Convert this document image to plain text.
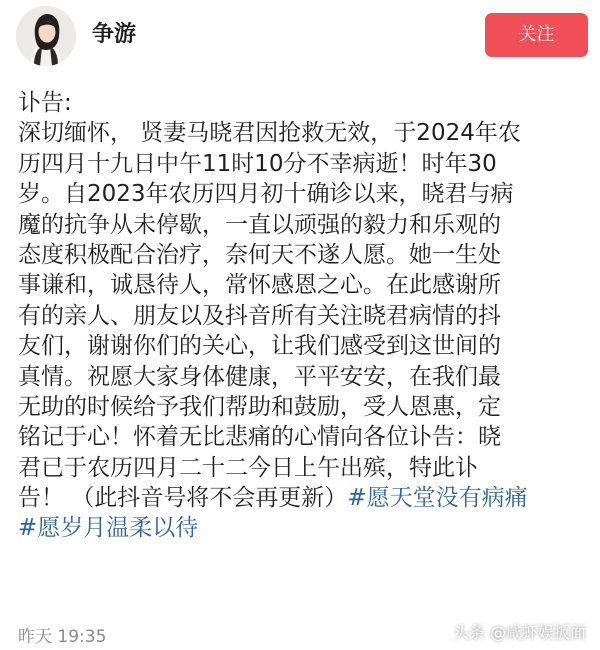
争游	关注
讣告:
深切缅怀， 贤妻马晓君因抢救无效，于2024年农
历四月十九日中午11时10分不幸病逝！时年30
岁。自2023年农历四月初十确诊以来，晓君与病
魔的抗争从未停歇，一直以顽强的毅力和乐观的
态度积极配合治疗，奈何天不遂人愿。她一生处
事谦和，诚恳待人，常怀感恩之心。在此感谢所
有的亲人、朋友以及抖音所有关注晓君病情的抖
友们，谢谢你们的关心，让我们感受到这世间的
真情。祝愿大家身体健康，平平安安，在我们最
无助的时候给予我们帮助和鼓励，受人恩惠，定
铭记于心！怀着无比悲痛的心情向各位讣告：晓
君已于农历四月二十二今日上午出殡，特此讣
告！ （此抖音号将不会再更新）#愿天堂没有病痛
#愿岁月温柔以待
昨天 19:35	头条 @咸虾娱扳面
